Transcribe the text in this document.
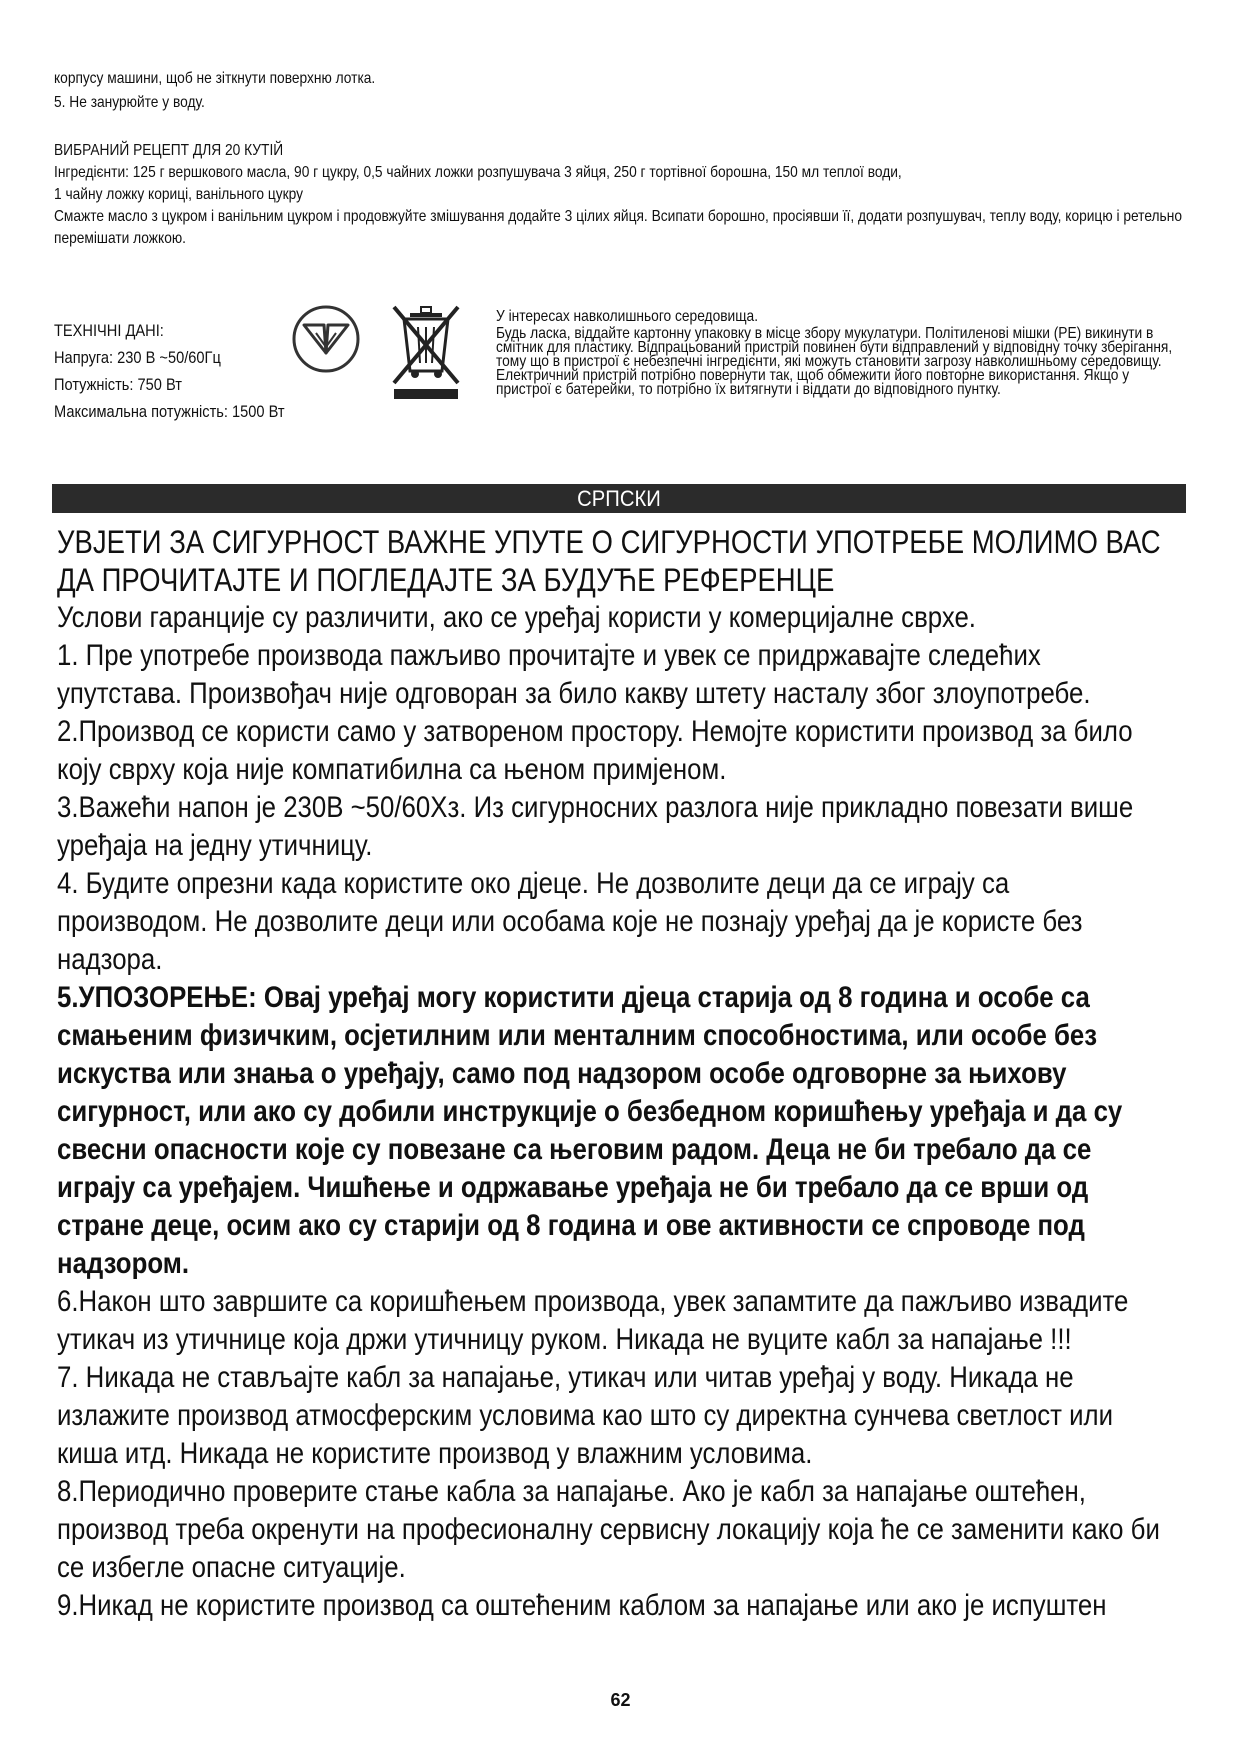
корпусу машини, щоб не зіткнути поверхню лотка.
5. Не занурюйте у воду.
ВИБРАНИЙ РЕЦЕПТ ДЛЯ 20 КУТІЙ
Інгредієнти: 125 г вершкового масла, 90 г цукру, 0,5 чайних ложки розпушувача 3 яйця, 250 г тортівної борошна, 150 мл теплої води,
1 чайну ложку кориці, ванільного цукру
Смажте масло з цукром і ванільним цукром і продовжуйте змішування додайте 3 цілих яйця. Всипати борошно, просіявши її, додати розпушувач, теплу воду, корицю і ретельно перемішати ложкою.
ТЕХНІЧНІ ДАНІ:
Напруга: 230 В ~50/60Гц
Потужність: 750 Вт
Максимальна потужність: 1500 Вт
У інтересах навколишнього середовища.
Будь ласка, віддайте картонну упаковку в місце збору мукулатури. Політиленові мішки (PE) викинути в смітник для пластику. Відпрацьований пристрій повинен бути відправлений у відповідну точку зберігання, тому що в пристрої є небезпечні інгредієнти, які можуть становити загрозу навколишньому середовищу. Електричний пристрій потрібно повернути так, щоб обмежити його повторне використання. Якщо у пристрої є батерейки, то потрібно їх витягнути і віддати до відповідного пунтку.
СРПСКИ

УВЈЕТИ ЗА СИГУРНОСТ ВАЖНЕ УПУТЕ О СИГУРНОСТИ УПОТРЕБЕ МОЛИМО ВАС ДА ПРОЧИТАЈТЕ И ПОГЛЕДАЈТЕ ЗА БУДУЋЕ РЕФЕРЕНЦЕ

Услови гаранције су различити, ако се уређај користи у комерцијалне сврхе.

1. Пре употребе производа пажљиво прочитајте и увек се придржавајте следећих упутстава. Произвођач није одговоран за било какву штету насталу због злоупотребе.

2.Производ се користи само у затвореном простору. Немојте користити производ за било коју сврху која није компатибилна са њеном примјеном.

3.Важећи напон је 230В ~50/60Хз. Из сигурносних разлога није прикладно повезати више уређаја на једну утичницу.

4. Будите опрезни када користите око дјеце. Не дозволите деци да се играју са производом. Не дозволите деци или особама које не познају уређај да је користе без надзора.

5.УПОЗОРЕЊЕ: Овај уређај могу користити дјеца старија од 8 година и особе са смањеним физичким, осјетилним или менталним способностима, или особе без искуства или знања о уређају, само под надзором особе одговорне за њихову сигурност, или ако су добили инструкције о безбедном коришћењу уређаја и да су свесни опасности које су повезане са његовим радом. Деца не би требало да се играју са уређајем. Чишћење и одржавање уређаја не би требало да се врши од стране деце, осим ако су старији од 8 година и ове активности се спроводе под надзором.

6.Након што завршите са коришћењем производа, увек запамтите да пажљиво извадите утикач из утичнице која држи утичницу руком. Никада не вуците кабл за напајање !!!

7. Никада не стављајте кабл за напајање, утикач или читав уређај у воду. Никада не излажите производ атмосферским условима као што су директна сунчева светлост или киша итд. Никада не користите производ у влажним условима.

8.Периодично проверите стање кабла за напајање. Ако је кабл за напајање оштећен, производ треба окренути на професионалну сервисну локацију која ће се заменити како би се избегле опасне ситуације.

9.Никад не користите производ са оштећеним каблом за напајање или ако је испуштен

62
